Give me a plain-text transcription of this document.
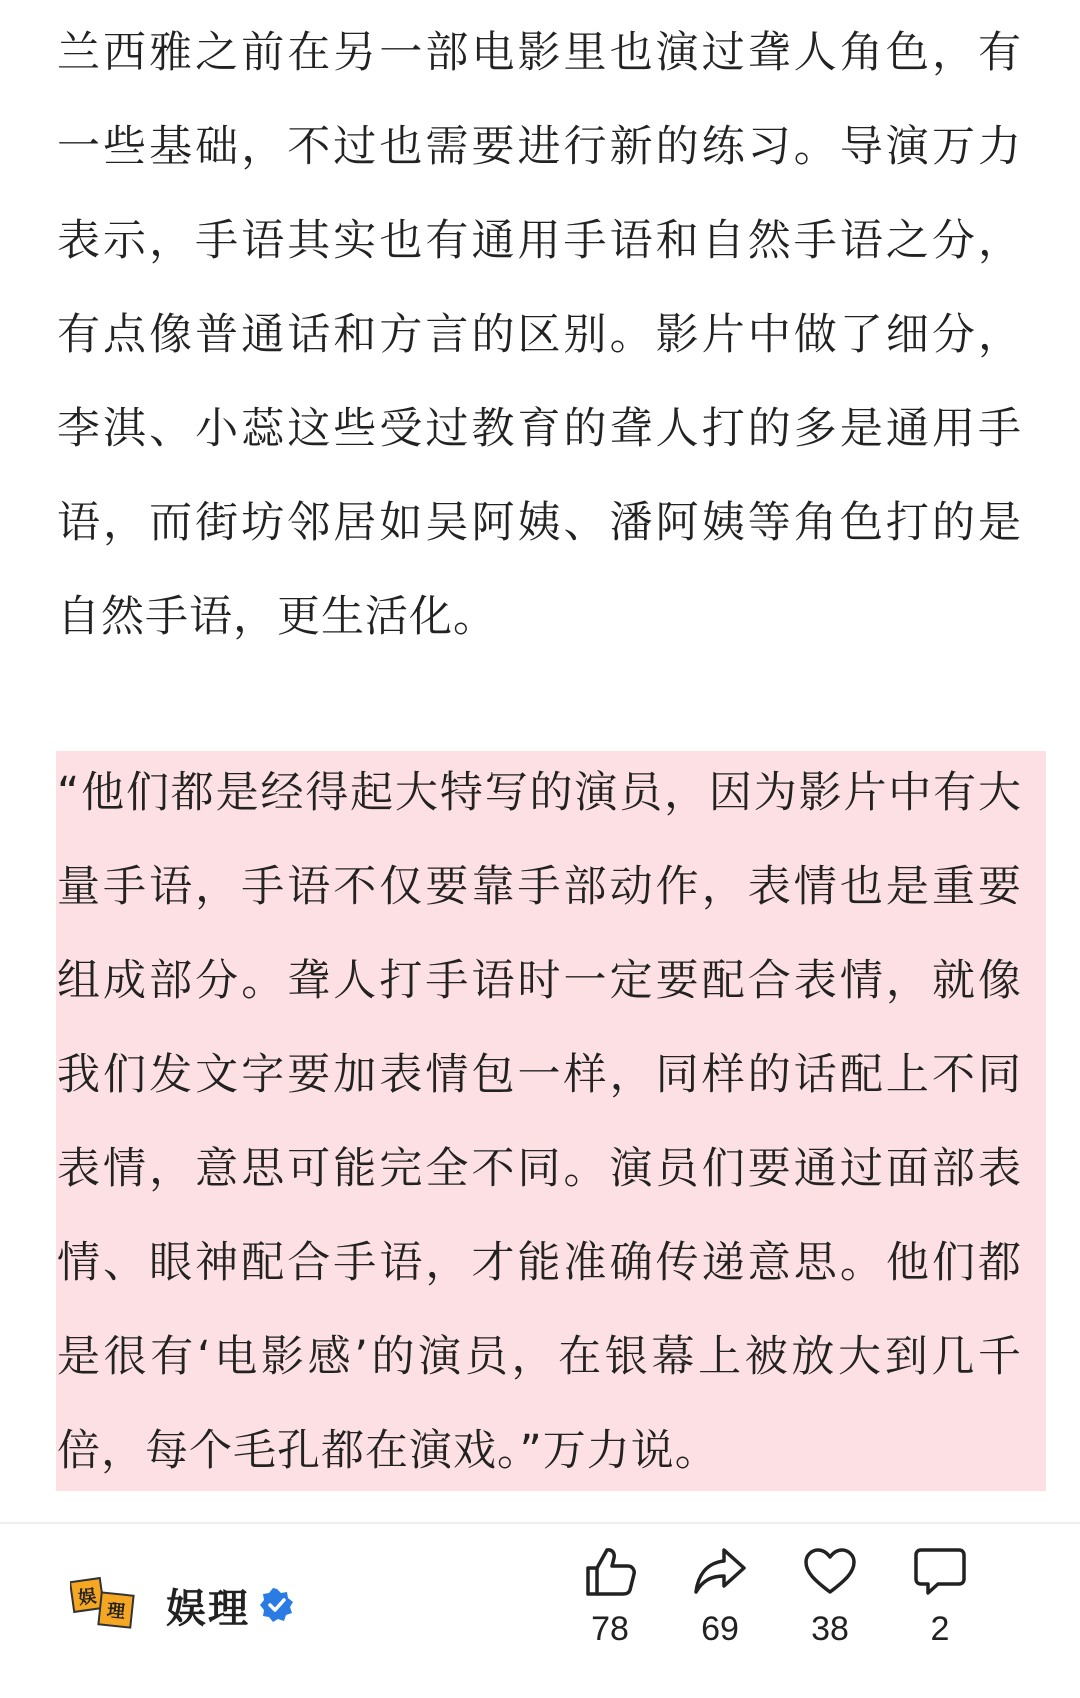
兰西雅之前在另一部电影里也演过聋人角色，有一些基础，不过也需要进行新的练习。导演万力表示，手语其实也有通用手语和自然手语之分，有点像普通话和方言的区别。影片中做了细分，李淇、小蕊这些受过教育的聋人打的多是通用手语，而街坊邻居如吴阿姨、潘阿姨等角色打的是自然手语，更生活化。

“他们都是经得起大特写的演员，因为影片中有大量手语，手语不仅要靠手部动作，表情也是重要组成部分。聋人打手语时一定要配合表情，就像我们发文字要加表情包一样，同样的话配上不同表情，意思可能完全不同。演员们要通过面部表情、眼神配合手语，才能准确传递意思。他们都是很有‘电影感’的演员，在银幕上被放大到几千倍，每个毛孔都在演戏。”万力说。

娱
理 娱理	78	69	38	2
